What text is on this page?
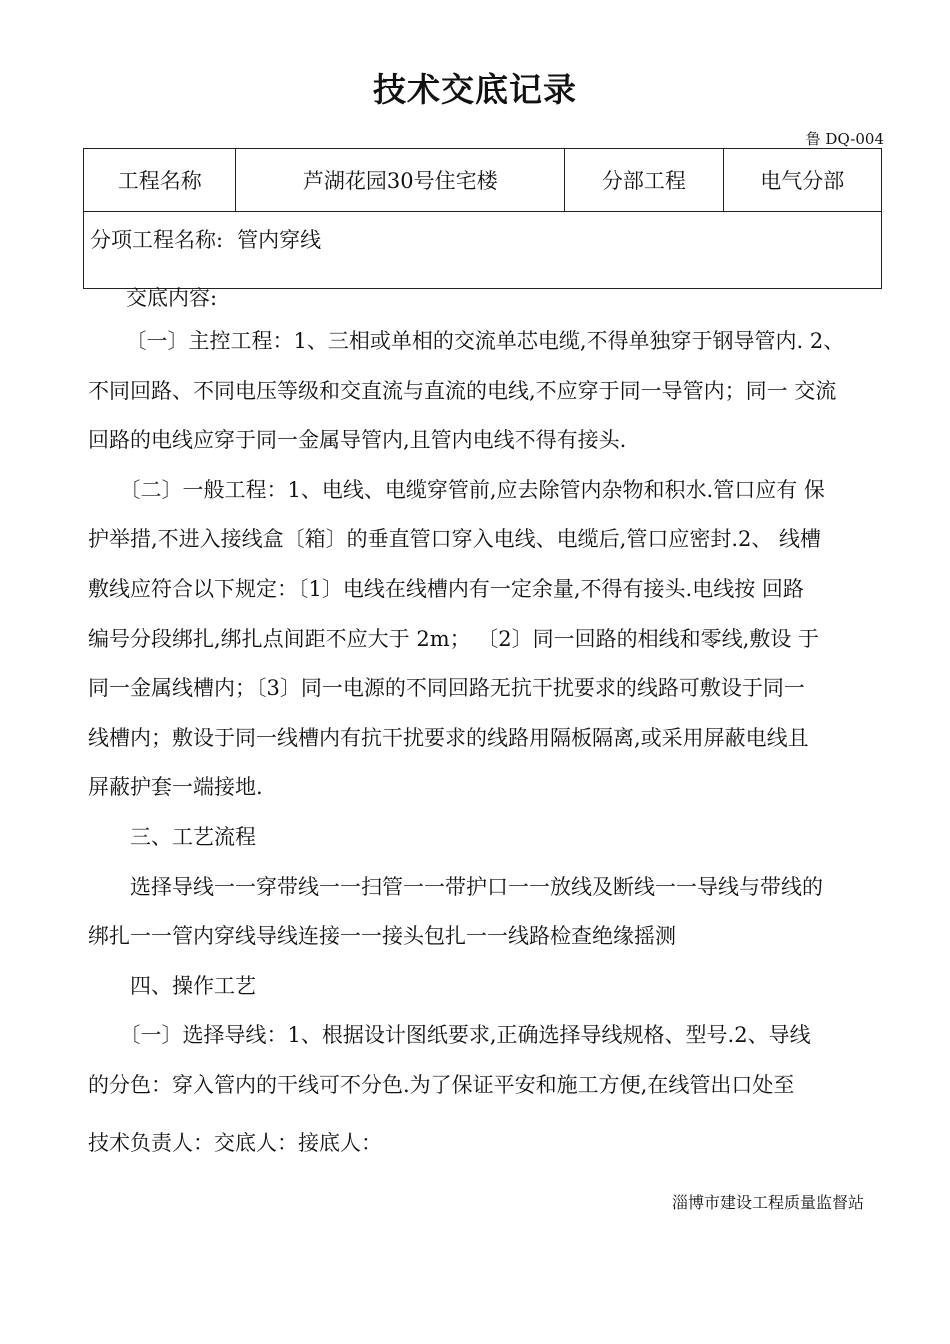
技术交底记录
鲁 DQ-004
工程名称	芦湖花园30号住宅楼	分部工程	电气分部
分项工程名称: 管内穿线
交底内容:

　　〔一〕主控工程：1、三相或单相的交流单芯电缆,不得单独穿于钢导管内. 2、

不同回路、不同电压等级和交直流与直流的电线,不应穿于同一导管内；同一 交流

回路的电线应穿于同一金属导管内,且管内电线不得有接头.

　　〔二〕一般工程：1、电线、电缆穿管前,应去除管内杂物和积水.管口应有 保

护举措,不进入接线盒〔箱〕的垂直管口穿入电线、电缆后,管口应密封.2、 线槽

敷线应符合以下规定：〔1〕电线在线槽内有一定余量,不得有接头.电线按 回路

编号分段绑扎,绑扎点间距不应大于 2m； 〔2〕同一回路的相线和零线,敷设 于

同一金属线槽内；〔3〕同一电源的不同回路无抗干扰要求的线路可敷设于同一

线槽内；敷设于同一线槽内有抗干扰要求的线路用隔板隔离,或采用屏蔽电线且

屏蔽护套一端接地.

　　三、工艺流程

　　选择导线一一穿带线一一扫管一一带护口一一放线及断线一一导线与带线的

绑扎一一管内穿线导线连接一一接头包扎一一线路检查绝缘摇测

　　四、操作工艺

　　〔一〕选择导线：1、根据设计图纸要求,正确选择导线规格、型号.2、导线

的分色：穿入管内的干线可不分色.为了保证平安和施工方便,在线管出口处至

技术负责人：交底人：接底人：
淄博市建设工程质量监督站
